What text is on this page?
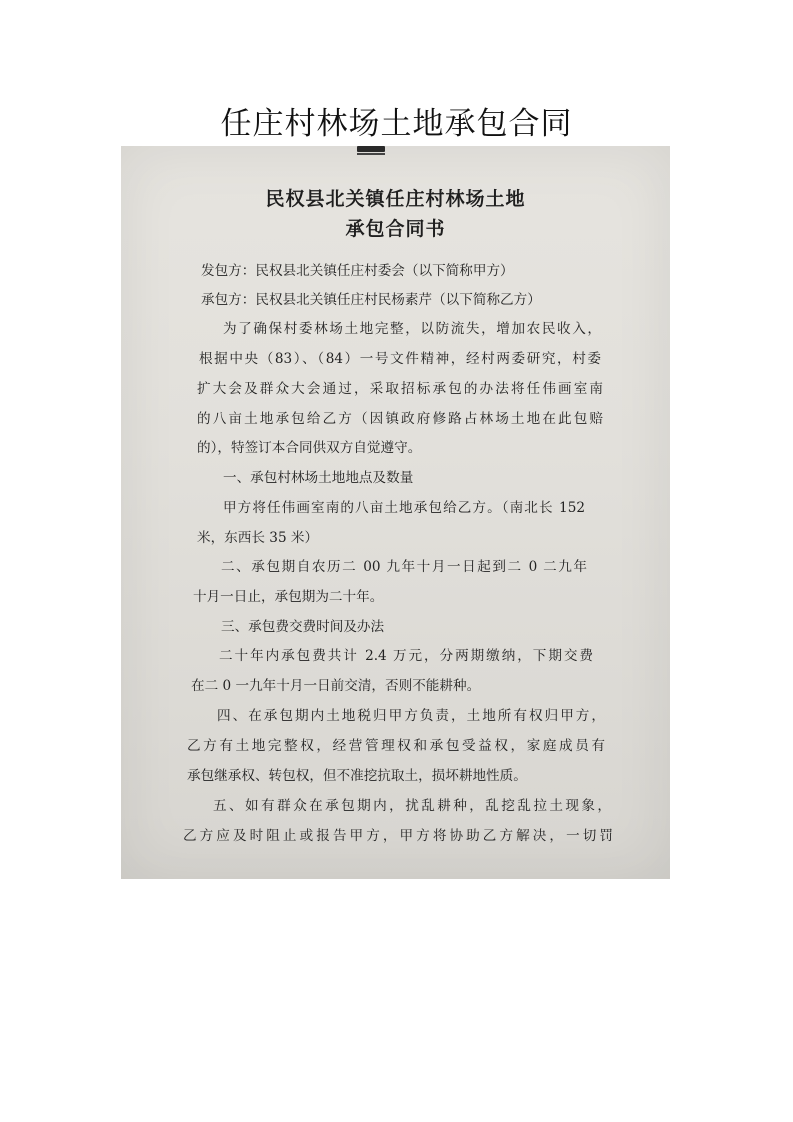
任庄村林场土地承包合同
民权县北关镇任庄村林场土地
承包合同书
发包方：民权县北关镇任庄村委会（以下简称甲方）
承包方：民权县北关镇任庄村民杨素芹（以下简称乙方）
为了确保村委林场土地完整，以防流失，增加农民收入，
根据中央（83）、（84）一号文件精神，经村两委研究，村委
扩大会及群众大会通过，采取招标承包的办法将任伟画室南
的八亩土地承包给乙方（因镇政府修路占林场土地在此包赔
的），特签订本合同供双方自觉遵守。
一、承包村林场土地地点及数量
甲方将任伟画室南的八亩土地承包给乙方。（南北长 152
米，东西长 35 米）
二、承包期自农历二 00 九年十月一日起到二 0 二九年
十月一日止，承包期为二十年。
三、承包费交费时间及办法
二十年内承包费共计 2.4 万元，分两期缴纳，下期交费
在二 0 一九年十月一日前交清，否则不能耕种。
四、在承包期内土地税归甲方负责，土地所有权归甲方，
乙方有土地完整权，经营管理权和承包受益权，家庭成员有
承包继承权、转包权，但不准挖抗取土，损坏耕地性质。
五、如有群众在承包期内，扰乱耕种，乱挖乱拉土现象，
乙方应及时阻止或报告甲方，甲方将协助乙方解决，一切罚
